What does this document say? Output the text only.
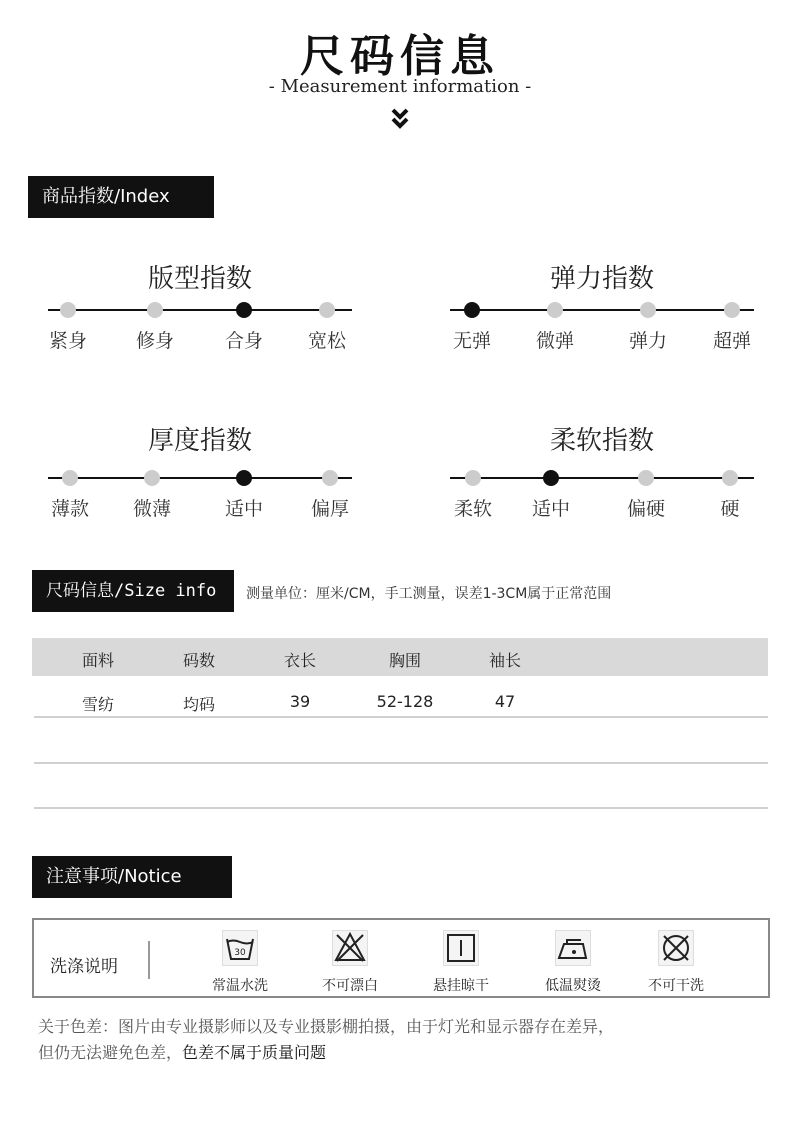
尺码信息
- Measurement information -
商品指数/Index
版型指数
紧身	修身	合身	宽松
弹力指数
无弹	微弹	弹力	超弹
厚度指数
薄款	微薄	适中	偏厚
柔软指数
柔软	适中	偏硬	硬
尺码信息/Size info 测量单位：厘米/CM，手工测量，误差1-3CM属于正常范围
面料	码数	衣长	胸围	袖长
雪纺	均码	39	52-128	47
注意事项/Notice
洗涤说明
30
常温水洗	不可漂白	悬挂晾干	低温熨烫	不可干洗
关于色差：图片由专业摄影师以及专业摄影棚拍摄，由于灯光和显示器存在差异，
但仍无法避免色差，色差不属于质量问题
